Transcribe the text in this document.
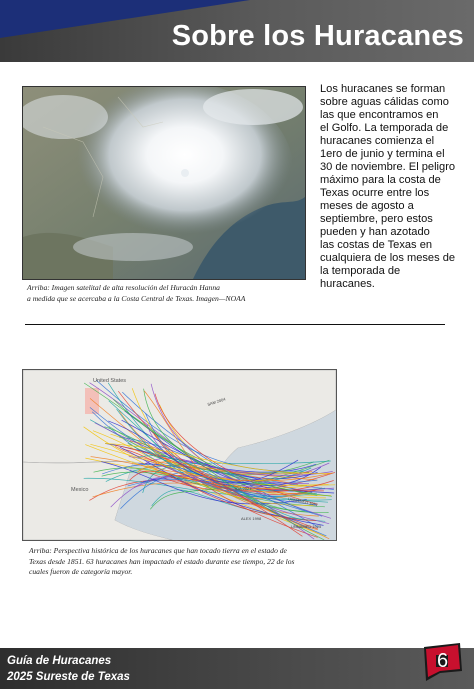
Sobre los Huracanes
Arriba: Imagen satelital de alta resolución del Huracán Hanna
a medida que se acercaba a la Costa Central de Texas. Imagen—NOAA
Los huracanes se forman
sobre aguas cálidas como
las que encontramos en
el Golfo. La temporada de
huracanes comienza el
1ero de junio y termina el
30 de noviembre. El peligro
máximo para la costa de
Texas ocurre entre los
meses de agosto a
septiembre, pero estos
pueden y han azotado
las costas de Texas en
cualquiera de los meses de
la temporada de
huracanes.
United States
Mexico
SAM 2004
IDA 2021
ALEX 1998
UNNAMED 1951
UNNAMED 1925
Arriba: Perspectiva histórica de los huracanes que han tocado tierra en el estado de
Texas desde 1851. 63 huracanes han impactado el estado durante ese tiempo, 22 de los
cuales fueron de categoría mayor.
Guía de Huracanes
2025 Sureste de Texas
6
